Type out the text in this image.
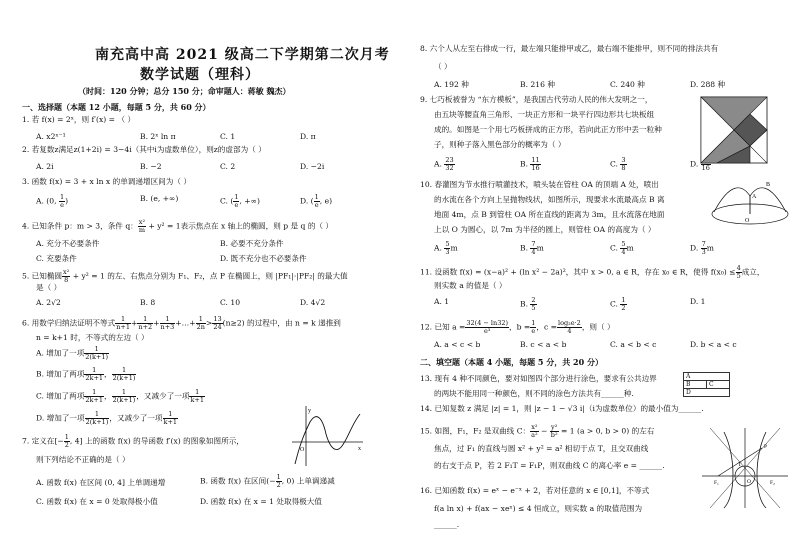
南充高中高 2021 级高二下学期第二次月考
数学试题（理科）
（时间：120 分钟；总分 150 分；命审题人：蒋敏 魏杰）
一、选择题（本题 12 小题，每题 5 分，共 60 分）
1. 若 f(x) = 2ˣ，则 f′(x) = （ ）
A. x2ˣ⁻¹	B. 2ˣ ln π	C. 1	D. π
2. 若复数z满足z(1+2i) = 3−4i（其中i为虚数单位），则z的虚部为（ ）
A. 2i	B. −2	C. 2	D. −2i
3. 函数 f(x) = 3 + x ln x 的单调递增区间为（ ）
A. (0, $\frac{1}{e}$ )	B. (e, +∞)	C. ( $\frac{1}{e}$ , +∞)	D. ( $\frac{1}{e}$ , e)
4. 已知条件 p：m > 3，条件 q： $\frac{\text{x²}}{m} + y^2 = 1$表示焦点在 x 轴上的椭圆，则 p 是 q 的（ ）
A. 充分不必要条件	B. 必要不充分条件
C. 充要条件	D. 既不充分也不必要条件
5. 已知椭圆 $\frac{\text{x²}}{8} + y^2 = 1$ 的左、右焦点分别为 F₁、F₂，点 P 在椭圆上，则 |PF₁|·|PF₂| 的最大值
是（ ）
A. 2√2	B. 8	C. 10	D. 4√2
6. 用数学归纳法证明不等式 $\frac{1}{n+1} + \frac{1}{n+2} + \frac{1}{n+3}$ +…+ $\frac{1}{2n} > \frac{13}{24} (n\ge 2)$ 的过程中，由 n = k 递推到
n = k+1 时，不等式的左边（ ）
A. 增加了一项 $\frac{1}{2(k+1)}$
B. 增加了两项 $\frac{1}{2k+1}$ ， $\frac{1}{2(k+1)}$
C. 增加了两项 $\frac{1}{2k+1}$ ， $\frac{1}{2(k+1)}$ ，又减少了一项 $\frac{1}{k+1}$
D. 增加了一项 $\frac{1}{2(k+1)}$ ，又减少了一项 $\frac{1}{k+1}$
7. 定义在[− $\frac{1}{2}$ , 4] 上的函数 f(x) 的导函数 f′(x) 的图象如图所示，
则下列结论不正确的是（ ）
A. 函数 f(x) 在区间 (0, 4] 上单调递增	B. 函数 f(x) 在区间(− $\frac{1}{2}$ , 0) 上单调递减
C. 函数 f(x) 在 x = 0 处取得极小值	D. 函数 f(x) 在 x = 1 处取得极大值
O	x
y
8. 六个人从左至右排成一行，最左端只能排甲或乙，最右端不能排甲，则不同的排法共有
（ ）
A. 192 种	B. 216 种	C. 240 种	D. 288 种
9. 七巧板被誉为 “东方模板”，是我国古代劳动人民的伟大发明之一，
由五块等腰直角三角形、一块正方形和一块平行四边形共七块板组
成的。如图是一个用七巧板拼成的正方形，若向此正方形中丢一粒种
子，则种子落入黑色部分的概率为（ ）
A. $\frac{23}{32}$	B. $\frac{11}{16}$	C. $\frac{3}{8}$	D. 16
10. 春灌图为节水推行喷灌技术，喷头装在管柱 OA 的顶端 A 处，喷出
的水流在各个方向上呈抛物线状，如图所示，现要求水流最高点 B 离
地面 4m，点 B 到管柱 OA 所在直线的距离为 3m，且水流落在地面
上以 O 为圆心，以 7m 为半径的圆上，则管柱 OA 的高度为（ ）
A. $\frac{5}{3}$ m	B. $\frac{7}{4}$ m	C. $\frac{5}{4}$ m	D. $\frac{7}{3}$ m
O
A
B
11. 设函数 f(x) = (x−a)² + (ln x² − 2a)²，其中 x > 0, a ∈ R，存在 x₀ ∈ R，使得 $f(x_0) \le \frac{4}{5}$ 成立，
则实数 a 的值是（ ）
A. 1	B. $\frac{2}{5}$	C. $\frac{1}{2}$	D. 1
12. 已知 $a = \frac{32(4 - \ln 32)}{\text{e³}}$ ，$b = \frac{1}{e}$ ，$c = \frac{\text{log₂e·2}}{4}$ ，则（ ）
A. a < c < b	B. c < a < b	C. a < b < c	D. b < a < c
二、填空题（本题 4 小题，每题 5 分，共 20 分）
13. 现有 4 种不同颜色，要对如图四个部分进行涂色，要求有公共边界
的两块不能用同一种颜色，则不同的涂色方法共有______种.
A
B	C
D
14. 已知复数 z 满足 |z| = 1，则 |z − 1 − √3 i|（i为虚数单位）的最小值为______.
15. 如图，F₁，F₂ 是双曲线 C： $\frac{\text{x²}}{\text{a²}} - \frac{\text{y²}}{\text{b²}} = 1$ (a > 0, b > 0) 的左右
焦点，过 F₁ 的直线与圆 x² + y² = a² 相切于点 T，且交双曲线
的右支于点 P，若 2 F₁T = F₁P，则双曲线 C 的离心率 e = ______.
F₁	F₂
P
T
O
16. 已知函数 f(x) = eˣ − e⁻ˣ + 2，若对任意的 x ∈ [0,1]，不等式
f(a ln x) + f(ax − xeˣ) ≤ 4 恒成立，则实数 a 的取值范围为
______.
